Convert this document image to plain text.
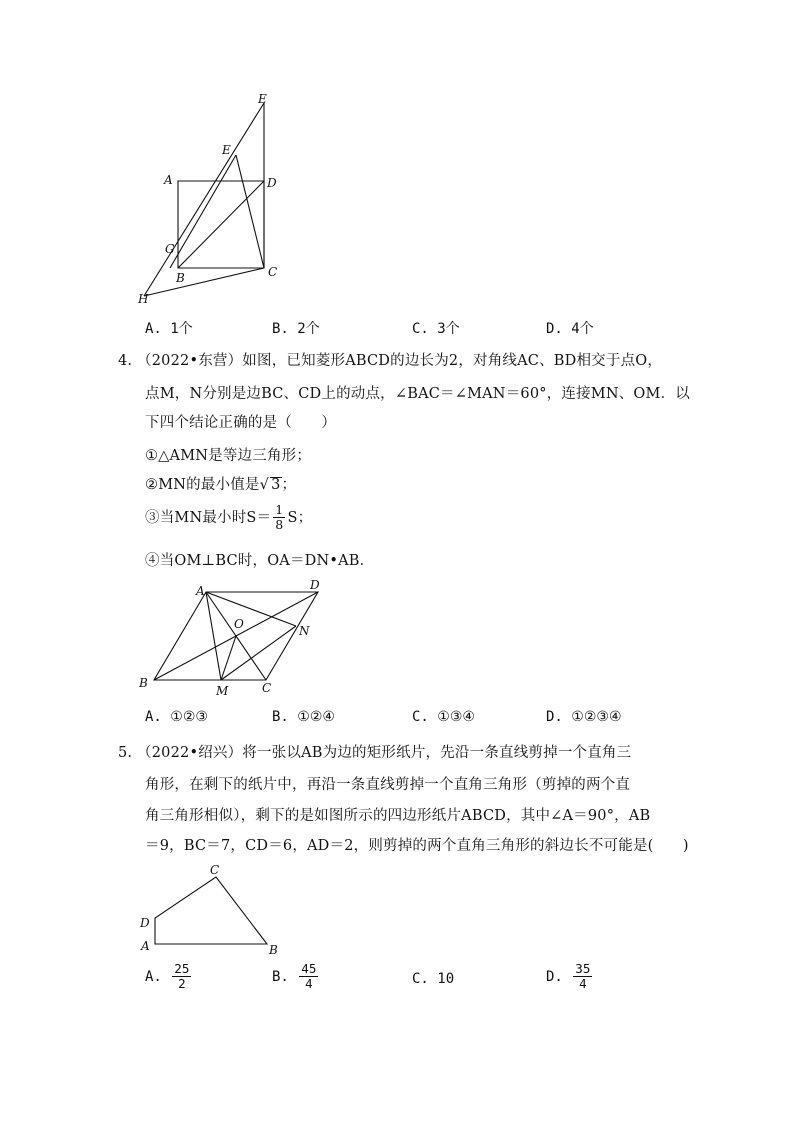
E
E
A	D
G
B	C
H
A. 1个	B. 2个	C. 3个	D. 4个
4. （2022•东营）如图，已知菱形ABCD的边长为2，对角线AC、BD相交于点O，
点M，N分别是边BC、CD上的动点，∠BAC＝∠MAN＝60°，连接MN、OM．以
下四个结论正确的是（　　）
①△AMN是等边三角形；
②MN的最小值是√ 3；
③当MN最小时$S= \frac{1}{8}$ S；
④当OM⊥BC时，OA＝DN•AB．
A	D
O	N
B
M	C
A. ①②③	B. ①②④	C. ①③④	D. ①②③④
5. （2022•绍兴）将一张以AB为边的矩形纸片，先沿一条直线剪掉一个直角三
角形，在剩下的纸片中，再沿一条直线剪掉一个直角三角形（剪掉的两个直
角三角形相似），剩下的是如图所示的四边形纸片ABCD，其中∠A＝90°，AB
＝9，BC＝7，CD＝6，AD＝2，则剪掉的两个直角三角形的斜边长不可能是(　　)
C
D
A	B
A. $\frac{25}{2}$	B. $\frac{45}{4}$	C. 10	D. $\frac{35}{4}$
